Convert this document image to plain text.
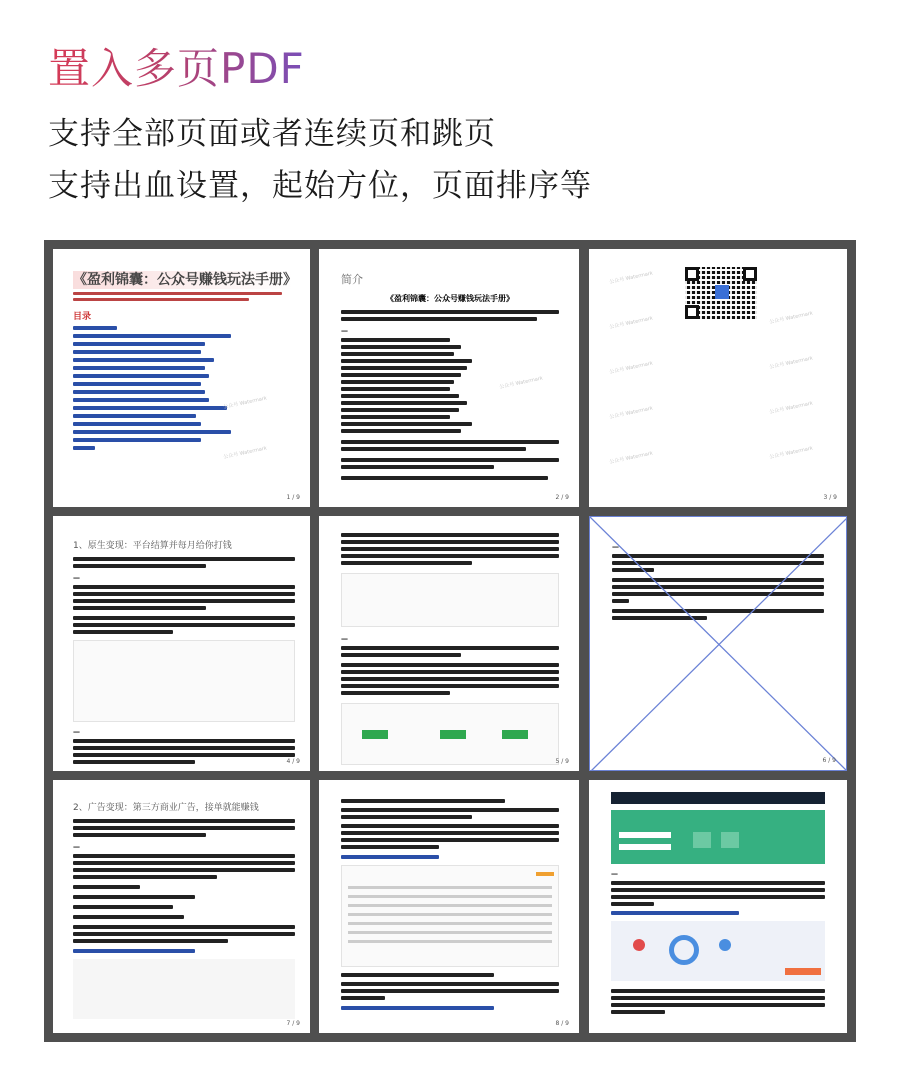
置入多页PDF
支持全部页面或者连续页和跳页
支持出血设置，起始方位，页面排序等
《盈利锦囊：公众号赚钱玩法手册》
目录
公众号 Watermark
公众号 Watermark
1 / 9
简介
《盈利锦囊：公众号赚钱玩法手册》
—
公众号 Watermark
2 / 9
公众号 Watermark
公众号 Watermark	公众号 Watermark
公众号 Watermark	公众号 Watermark
公众号 Watermark	公众号 Watermark
公众号 Watermark	公众号 Watermark
3 / 9
1、原生变现：平台结算并每月给你打钱
—
—
4 / 9
—
5 / 9
—
6 / 9
2、广告变现：第三方商业广告，接单就能赚钱
—
7 / 9	8 / 9
—
